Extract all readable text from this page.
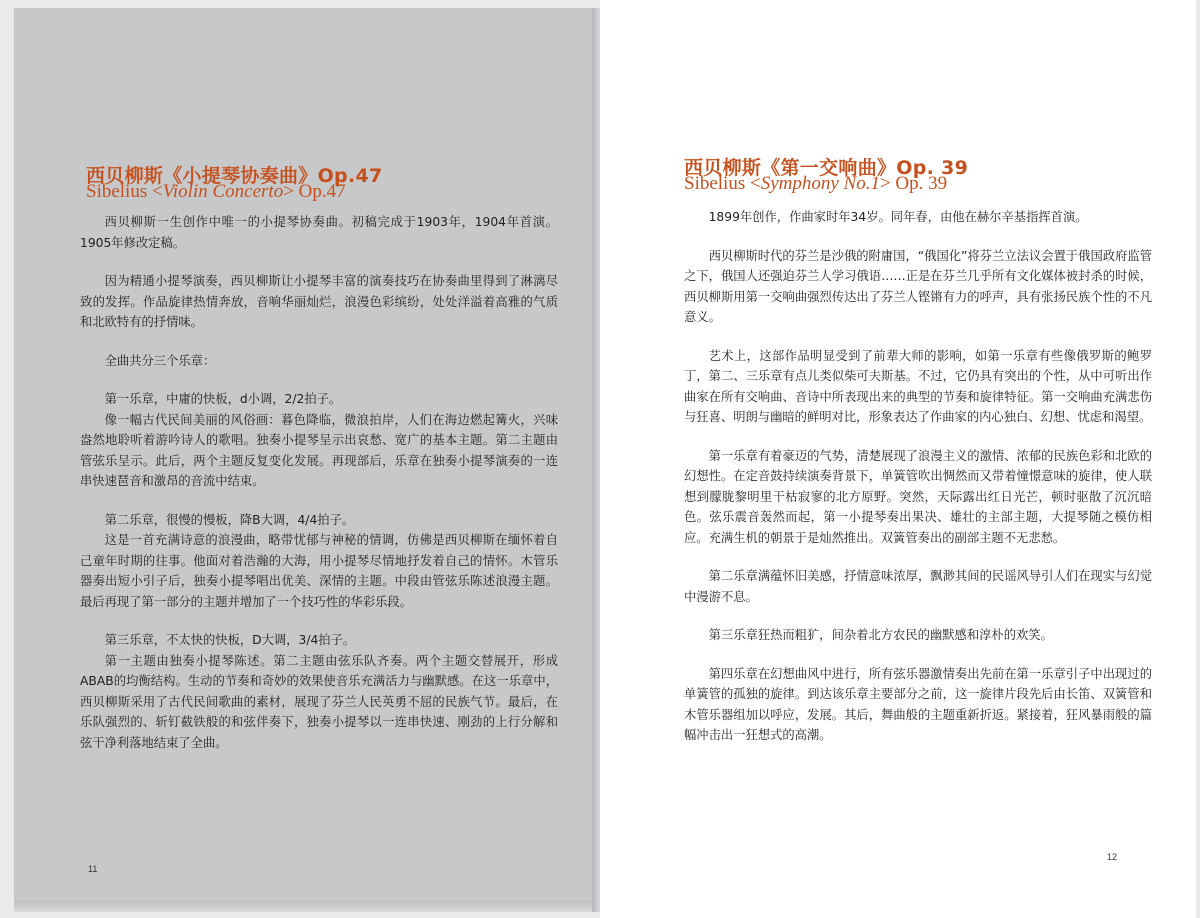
西贝柳斯《小提琴协奏曲》Op.47
Sibelius <Violin Concerto> Op.47

西贝柳斯一生创作中唯一的小提琴协奏曲。初稿完成于1903年，1904年首演。1905年修改定稿。

因为精通小提琴演奏，西贝柳斯让小提琴丰富的演奏技巧在协奏曲里得到了淋漓尽致的发挥。作品旋律热情奔放，音响华丽灿烂，浪漫色彩缤纷，处处洋溢着高雅的气质和北欧特有的抒情味。

全曲共分三个乐章：

第一乐章，中庸的快板，d小调，2/2拍子。

像一幅古代民间美丽的风俗画：暮色降临，微浪拍岸，人们在海边燃起篝火，兴味盎然地聆听着游吟诗人的歌唱。独奏小提琴呈示出哀愁、宽广的基本主题。第二主题由管弦乐呈示。此后，两个主题反复变化发展。再现部后，乐章在独奏小提琴演奏的一连串快速琶音和激昂的音流中结束。

第二乐章，很慢的慢板，降B大调，4/4拍子。

这是一首充满诗意的浪漫曲，略带忧郁与神秘的情调，仿佛是西贝柳斯在缅怀着自己童年时期的往事。他面对着浩瀚的大海，用小提琴尽情地抒发着自己的情怀。木管乐器奏出短小引子后，独奏小提琴唱出优美、深情的主题。中段由管弦乐陈述浪漫主题。最后再现了第一部分的主题并增加了一个技巧性的华彩乐段。

第三乐章，不太快的快板，D大调，3/4拍子。

第一主题由独奏小提琴陈述。第二主题由弦乐队齐奏。两个主题交替展开，形成ABAB的均衡结构。生动的节奏和奇妙的效果使音乐充满活力与幽默感。在这一乐章中，西贝柳斯采用了古代民间歌曲的素材，展现了芬兰人民英勇不屈的民族气节。最后，在乐队强烈的、斩钉截铁般的和弦伴奏下，独奏小提琴以一连串快速、刚劲的上行分解和弦干净利落地结束了全曲。

11
西贝柳斯《第一交响曲》Op. 39
Sibelius <Symphony No.1> Op. 39

1899年创作，作曲家时年34岁。同年春，由他在赫尔辛基指挥首演。

西贝柳斯时代的芬兰是沙俄的附庸国，“俄国化”将芬兰立法议会置于俄国政府监管之下，俄国人还强迫芬兰人学习俄语……正是在芬兰几乎所有文化媒体被封杀的时候，西贝柳斯用第一交响曲强烈传达出了芬兰人铿锵有力的呼声，具有张扬民族个性的不凡意义。

艺术上，这部作品明显受到了前辈大师的影响，如第一乐章有些像俄罗斯的鲍罗丁，第二、三乐章有点儿类似柴可夫斯基。不过，它仍具有突出的个性，从中可听出作曲家在所有交响曲、音诗中所表现出来的典型的节奏和旋律特征。第一交响曲充满悲伤与狂喜、明朗与幽暗的鲜明对比，形象表达了作曲家的内心独白、幻想、忧虑和渴望。

第一乐章有着豪迈的气势，清楚展现了浪漫主义的激情、浓郁的民族色彩和北欧的幻想性。在定音鼓持续演奏背景下，单簧管吹出惆然而又带着憧憬意味的旋律，使人联想到朦胧黎明里干枯寂寥的北方原野。突然，天际露出红日光芒，顿时驱散了沉沉暗色。弦乐震音轰然而起，第一小提琴奏出果决、雄壮的主部主题，大提琴随之模仿相应。充满生机的朝景于是灿然推出。双簧管奏出的副部主题不无悲愁。

第二乐章满蕴怀旧美感，抒情意味浓厚，飘渺其间的民谣风导引人们在现实与幻觉中漫游不息。

第三乐章狂热而粗犷，间杂着北方农民的幽默感和淳朴的欢笑。

第四乐章在幻想曲风中进行，所有弦乐器激情奏出先前在第一乐章引子中出现过的单簧管的孤独的旋律。到达该乐章主要部分之前，这一旋律片段先后由长笛、双簧管和木管乐器组加以呼应，发展。其后，舞曲般的主题重新折返。紧接着，狂风暴雨般的篇幅冲击出一狂想式的高潮。

12
